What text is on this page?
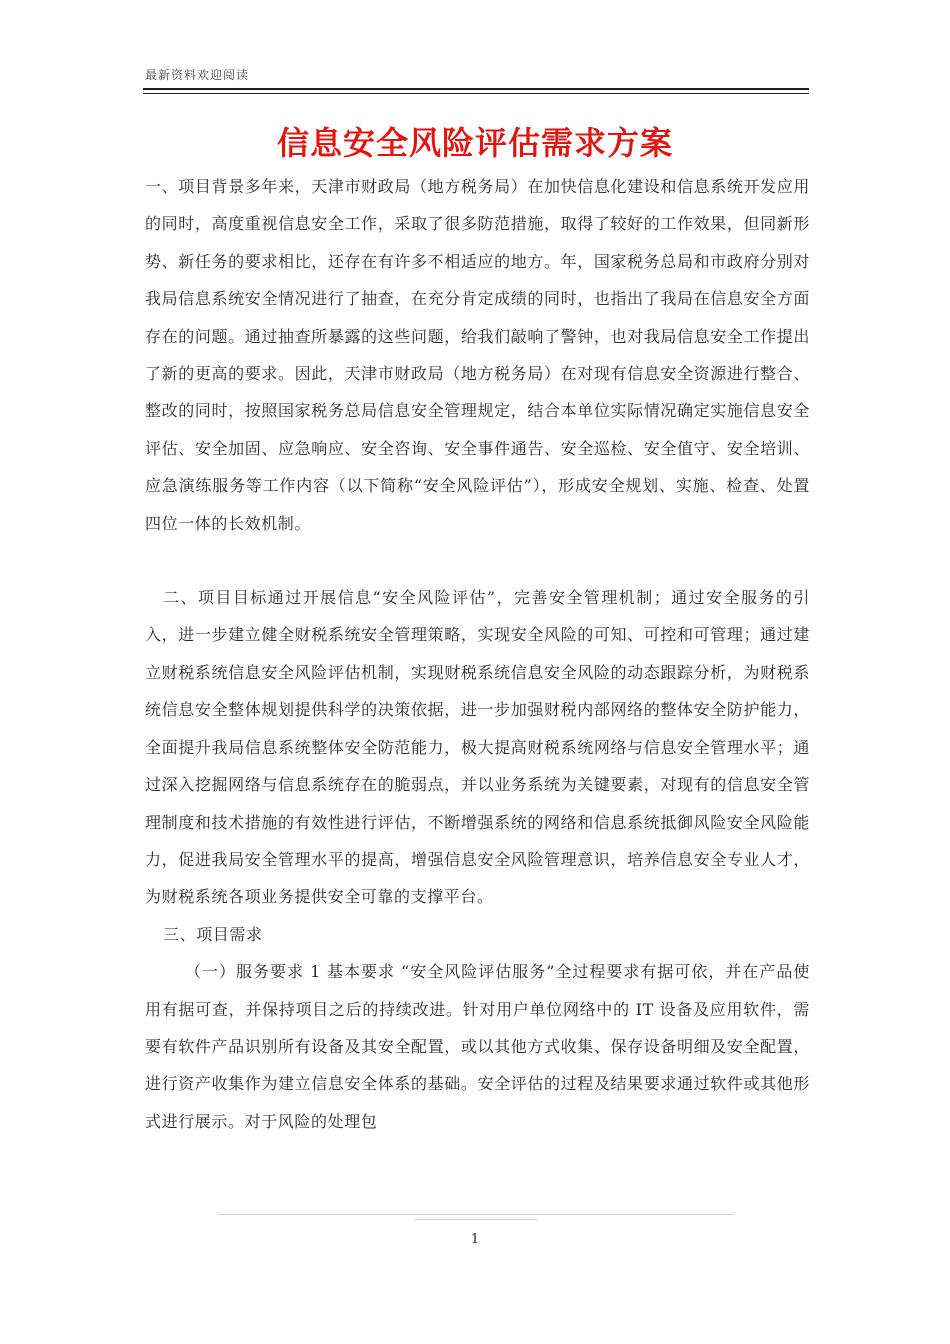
最新资料欢迎阅读
信息安全风险评估需求方案

一、项目背景多年来，天津市财政局（地方税务局）在加快信息化建设和信息系统开发应用的同时，高度重视信息安全工作，采取了很多防范措施，取得了较好的工作效果，但同新形势、新任务的要求相比，还存在有许多不相适应的地方。年，国家税务总局和市政府分别对我局信息系统安全情况进行了抽查，在充分肯定成绩的同时，也指出了我局在信息安全方面存在的问题。通过抽查所暴露的这些问题，给我们敲响了警钟，也对我局信息安全工作提出了新的更高的要求。因此，天津市财政局（地方税务局）在对现有信息安全资源进行整合、整改的同时，按照国家税务总局信息安全管理规定，结合本单位实际情况确定实施信息安全评估、安全加固、应急响应、安全咨询、安全事件通告、安全巡检、安全值守、安全培训、应急演练服务等工作内容（以下简称“安全风险评估”），形成安全规划、实施、检查、处置四位一体的长效机制。

二、项目目标通过开展信息“安全风险评估”，完善安全管理机制；通过安全服务的引入，进一步建立健全财税系统安全管理策略，实现安全风险的可知、可控和可管理；通过建立财税系统信息安全风险评估机制，实现财税系统信息安全风险的动态跟踪分析，为财税系统信息安全整体规划提供科学的决策依据，进一步加强财税内部网络的整体安全防护能力，全面提升我局信息系统整体安全防范能力，极大提高财税系统网络与信息安全管理水平；通过深入挖掘网络与信息系统存在的脆弱点，并以业务系统为关键要素，对现有的信息安全管理制度和技术措施的有效性进行评估，不断增强系统的网络和信息系统抵御风险安全风险能力，促进我局安全管理水平的提高，增强信息安全风险管理意识，培养信息安全专业人才，为财税系统各项业务提供安全可靠的支撑平台。

三、项目需求

（一）服务要求 1 基本要求 “安全风险评估服务”全过程要求有据可依，并在产品使用有据可查，并保持项目之后的持续改进。针对用户单位网络中的 IT 设备及应用软件，需要有软件产品识别所有设备及其安全配置，或以其他方式收集、保存设备明细及安全配置，进行资产收集作为建立信息安全体系的基础。安全评估的过程及结果要求通过软件或其他形式进行展示。对于风险的处理包

1
